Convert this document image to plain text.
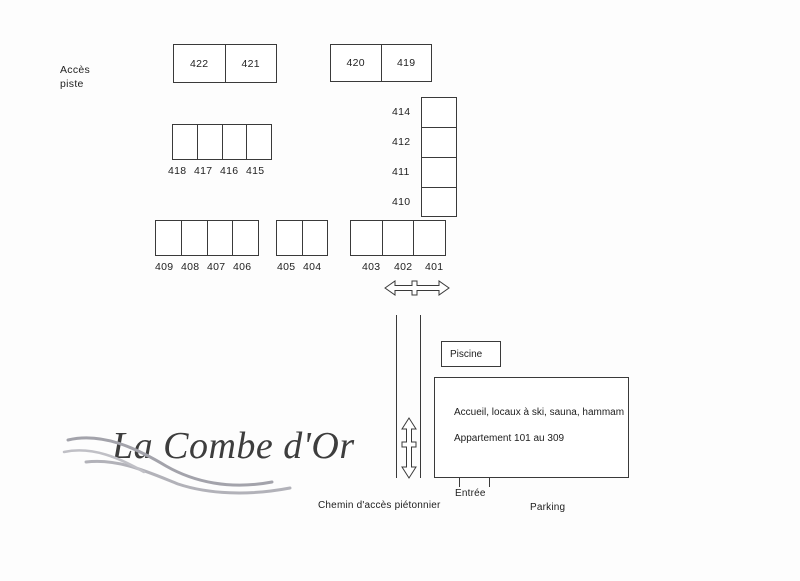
Accès
piste
422	421	420	419
414
412
411
410
418 417 416 415
409 408 407 406 405 404	403 402 401
Piscine
Accueil, locaux à ski, sauna, hammam
Appartement 101 au 309
Entrée
Chemin d'accès piétonnier	Parking
La Combe d'Or
